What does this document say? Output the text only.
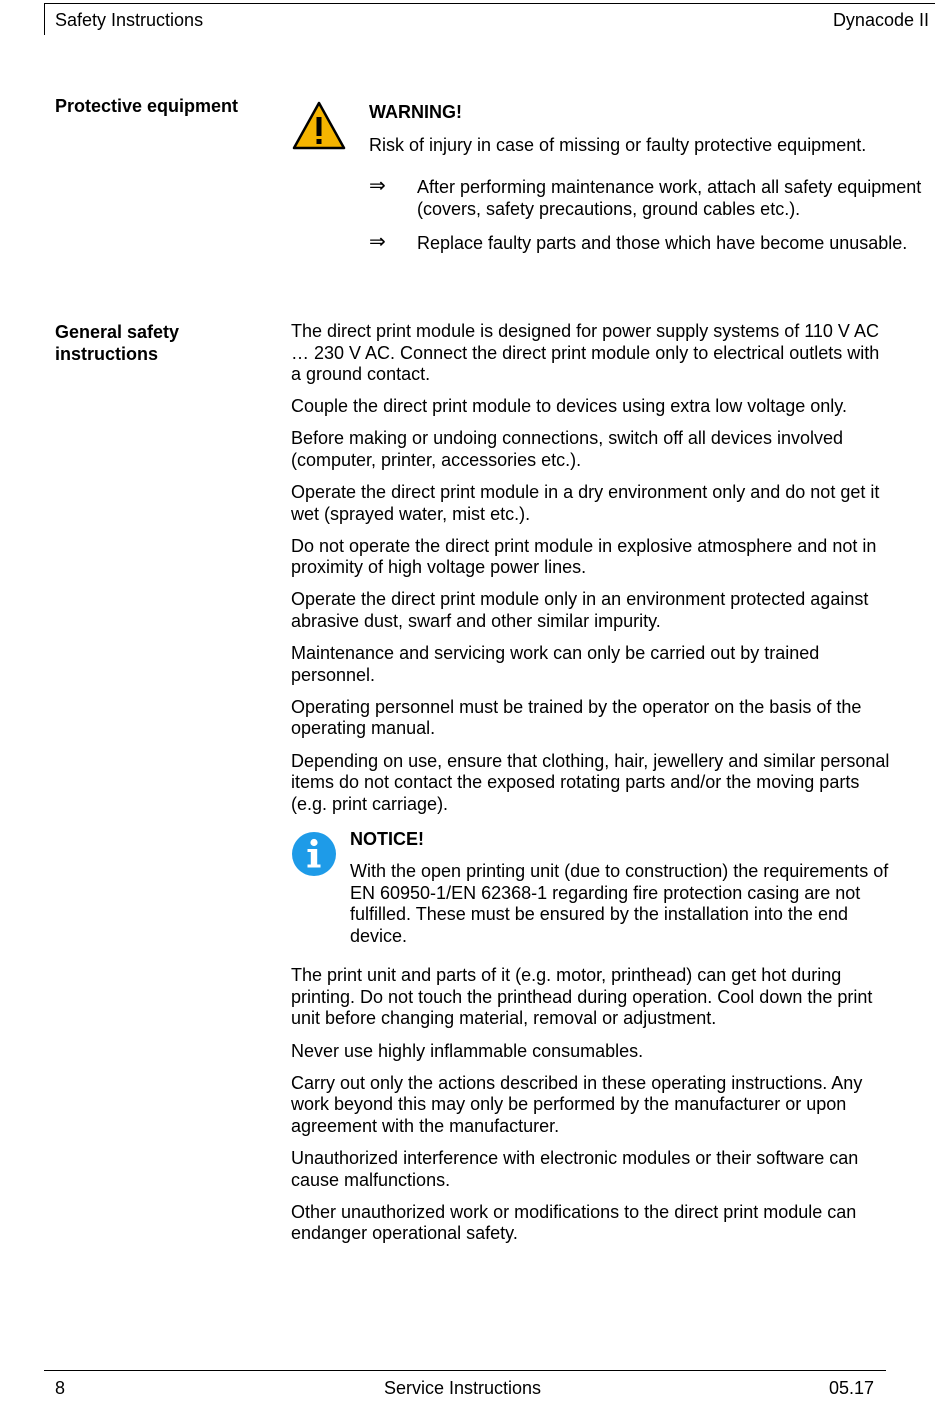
Safety Instructions	Dynacode II
Protective equipment	WARNING!
Risk of injury in case of missing or faulty protective equipment.
⇒ After performing maintenance work, attach all safety equipment (covers, safety precautions, ground cables etc.).
⇒ Replace faulty parts and those which have become unusable.
General safety instructions

The direct print module is designed for power supply systems of 110 V AC … 230 V AC. Connect the direct print module only to electrical outlets with a ground contact.

Couple the direct print module to devices using extra low voltage only.

Before making or undoing connections, switch off all devices involved (computer, printer, accessories etc.).

Operate the direct print module in a dry environment only and do not get it wet (sprayed water, mist etc.).

Do not operate the direct print module in explosive atmosphere and not in proximity of high voltage power lines.

Operate the direct print module only in an environment protected against abrasive dust, swarf and other similar impurity.

Maintenance and servicing work can only be carried out by trained personnel.

Operating personnel must be trained by the operator on the basis of the operating manual.

Depending on use, ensure that clothing, hair, jewellery and similar personal items do not contact the exposed rotating parts and/or the moving parts (e.g. print carriage).

NOTICE!
With the open printing unit (due to construction) the requirements of EN 60950-1/EN 62368-1 regarding fire protection casing are not fulfilled. These must be ensured by the installation into the end device.

The print unit and parts of it (e.g. motor, printhead) can get hot during printing. Do not touch the printhead during operation. Cool down the print unit before changing material, removal or adjustment.

Never use highly inflammable consumables.

Carry out only the actions described in these operating instructions. Any work beyond this may only be performed by the manufacturer or upon agreement with the manufacturer.

Unauthorized interference with electronic modules or their software can cause malfunctions.

Other unauthorized work or modifications to the direct print module can endanger operational safety.

8	Service Instructions	05.17
